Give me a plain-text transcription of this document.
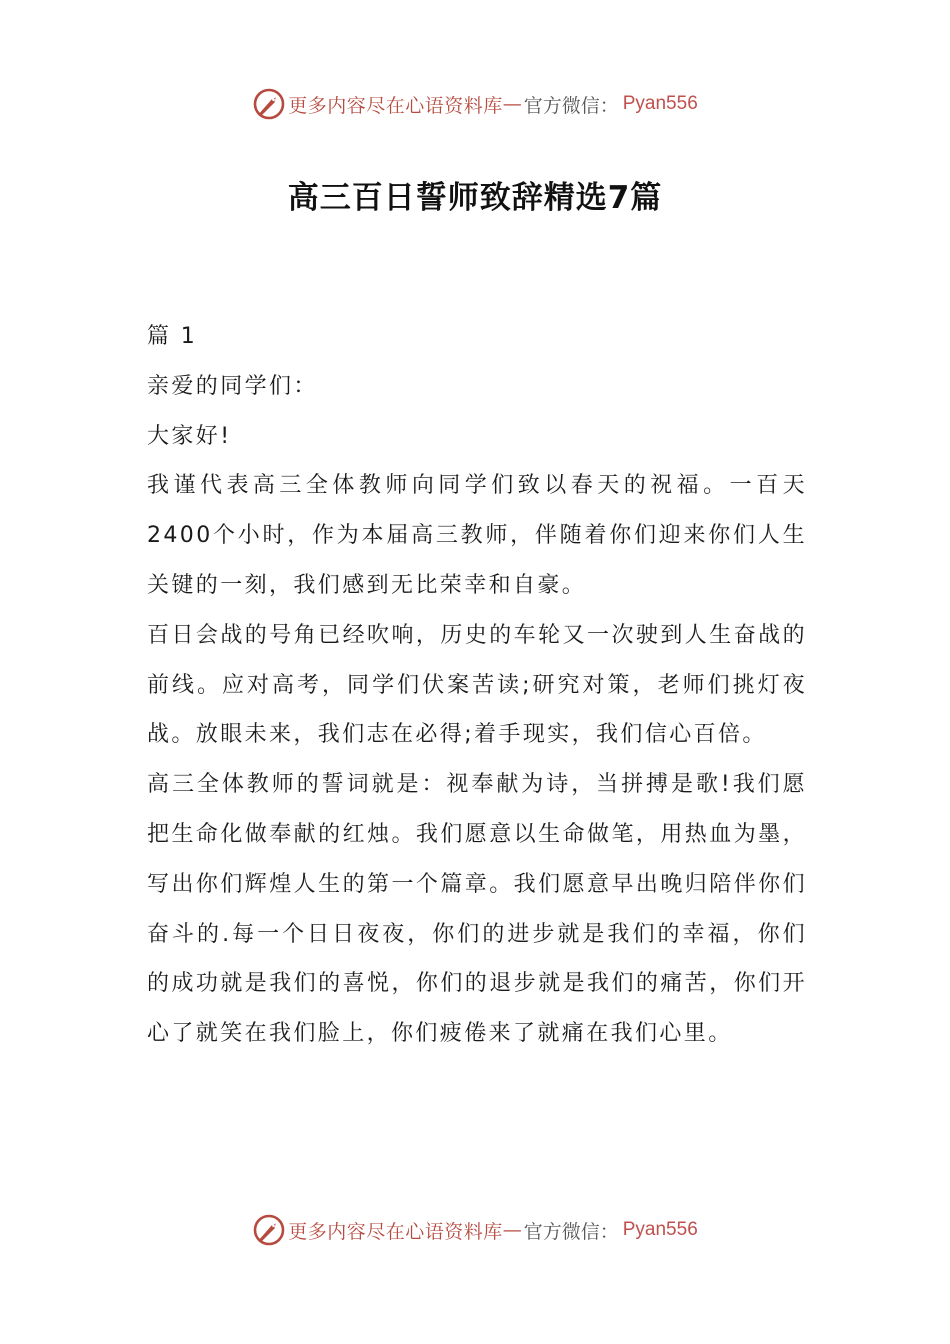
更多内容尽在心语资料库 — 官方微信： Pyan556
高三百日誓师致辞精选7篇

篇 1

亲爱的同学们：

大家好!

我谨代表高三全体教师向同学们致以春天的祝福。一百天2400个小时，作为本届高三教师，伴随着你们迎来你们人生关键的一刻，我们感到无比荣幸和自豪。

百日会战的号角已经吹响，历史的车轮又一次驶到人生奋战的前线。应对高考，同学们伏案苦读;研究对策，老师们挑灯夜战。放眼未来，我们志在必得;着手现实，我们信心百倍。

高三全体教师的誓词就是：视奉献为诗，当拼搏是歌!我们愿把生命化做奉献的红烛。我们愿意以生命做笔，用热血为墨，写出你们辉煌人生的第一个篇章。我们愿意早出晚归陪伴你们奋斗的.每一个日日夜夜，你们的进步就是我们的幸福，你们的成功就是我们的喜悦，你们的退步就是我们的痛苦，你们开心了就笑在我们脸上，你们疲倦来了就痛在我们心里。

更多内容尽在心语资料库 — 官方微信： Pyan556
